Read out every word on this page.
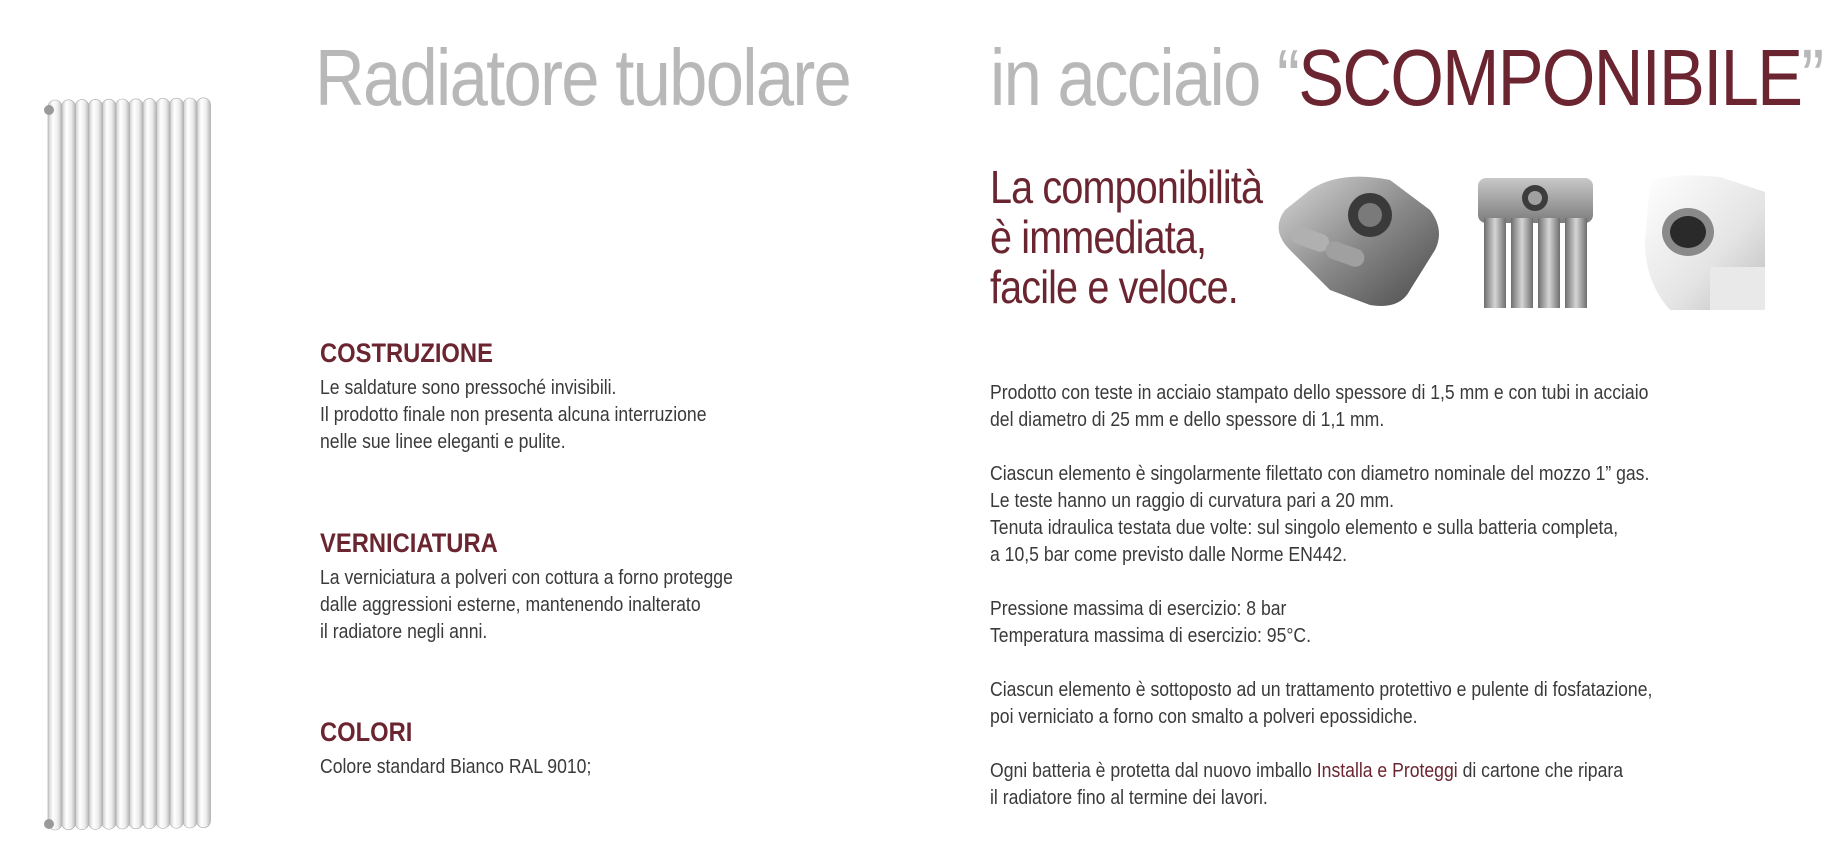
Radiatore tubolare in acciaio “SCOMPONIBILE”
La componibilità
è immediata,
facile e veloce.
COSTRUZIONE
Le saldature sono pressoché invisibili.
Il prodotto finale non presenta alcuna interruzione
nelle sue linee eleganti e pulite.
VERNICIATURA
La verniciatura a polveri con cottura a forno protegge
dalle aggressioni esterne, mantenendo inalterato
il radiatore negli anni.
COLORI
Colore standard Bianco RAL 9010;
Prodotto con teste in acciaio stampato dello spessore di 1,5 mm e con tubi in acciaio
del diametro di 25 mm e dello spessore di 1,1 mm.
Ciascun elemento è singolarmente filettato con diametro nominale del mozzo 1” gas.
Le teste hanno un raggio di curvatura pari a 20 mm.
Tenuta idraulica testata due volte: sul singolo elemento e sulla batteria completa,
a 10,5 bar come previsto dalle Norme EN442.
Pressione massima di esercizio: 8 bar
Temperatura massima di esercizio: 95°C.
Ciascun elemento è sottoposto ad un trattamento protettivo e pulente di fosfatazione,
poi verniciato a forno con smalto a polveri epossidiche.
Ogni batteria è protetta dal nuovo imballo Installa e Proteggi di cartone che ripara
il radiatore fino al termine dei lavori.
